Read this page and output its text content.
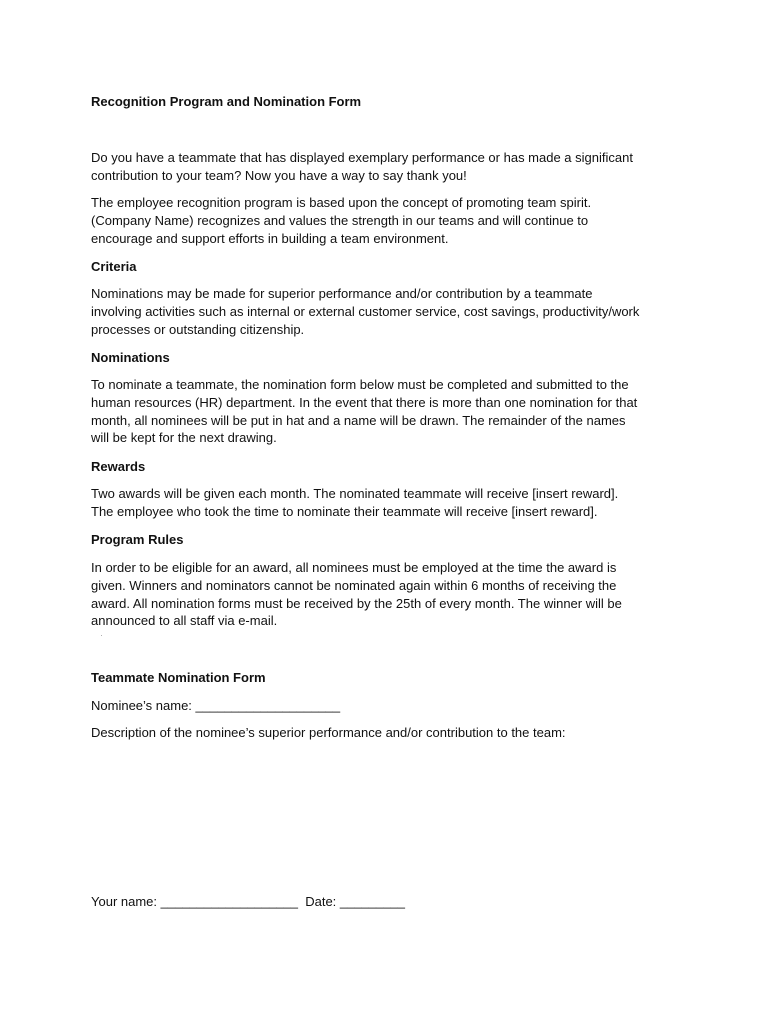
Recognition Program and Nomination Form

Do you have a teammate that has displayed exemplary performance or has made a significant
contribution to your team? Now you have a way to say thank you!

The employee recognition program is based upon the concept of promoting team spirit.
(Company Name) recognizes and values the strength in our teams and will continue to
encourage and support efforts in building a team environment.

Criteria

Nominations may be made for superior performance and/or contribution by a teammate
involving activities such as internal or external customer service, cost savings, productivity/work
processes or outstanding citizenship.

Nominations

To nominate a teammate, the nomination form below must be completed and submitted to the
human resources (HR) department. In the event that there is more than one nomination for that
month, all nominees will be put in hat and a name will be drawn. The remainder of the names
will be kept for the next drawing.

Rewards

Two awards will be given each month. The nominated teammate will receive [insert reward].
The employee who took the time to nominate their teammate will receive [insert reward].

Program Rules

In order to be eligible for an award, all nominees must be employed at the time the award is
given. Winners and nominators cannot be nominated again within 6 months of receiving the
award. All nomination forms must be received by the 25th of every month. The winner will be
announced to all staff via e-mail.

Teammate Nomination Form

Nominee’s name: ____________________

Description of the nominee’s superior performance and/or contribution to the team:

Your name: ___________________  Date: _________
